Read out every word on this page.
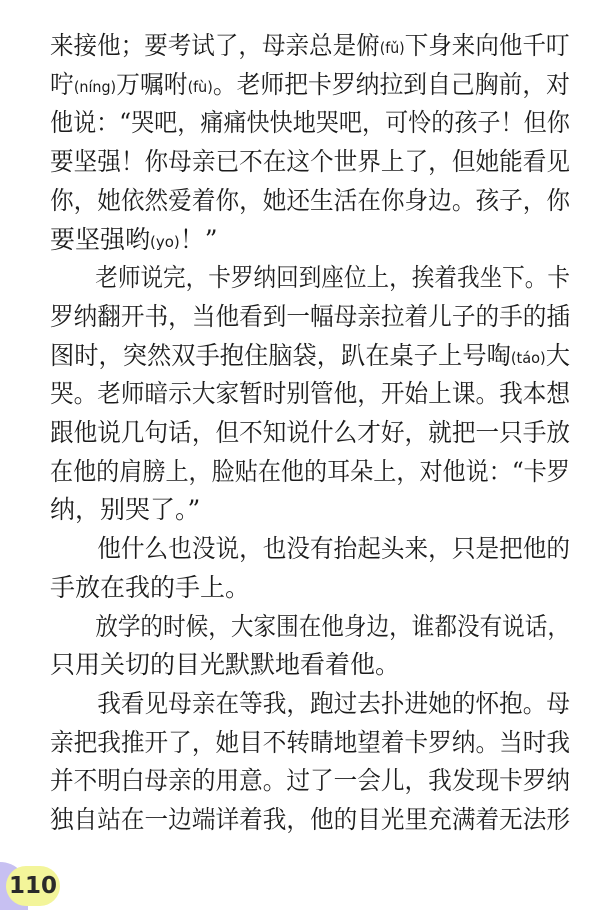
来接他；要考试了，母亲总是俯(fǔ)下身来向他千叮
咛(níng)万嘱咐(fù)。老师把卡罗纳拉到自己胸前，对
他说：“哭吧，痛痛快快地哭吧，可怜的孩子！但你
要坚强！你母亲已不在这个世界上了，但她能看见
你，她依然爱着你，她还生活在你身边。孩子，你
要坚强哟(yo)！”
　　老师说完，卡罗纳回到座位上，挨着我坐下。卡
罗纳翻开书，当他看到一幅母亲拉着儿子的手的插
图时，突然双手抱住脑袋，趴在桌子上号啕(táo)大
哭。老师暗示大家暂时别管他，开始上课。我本想
跟他说几句话，但不知说什么才好，就把一只手放
在他的肩膀上，脸贴在他的耳朵上，对他说：“卡罗
纳，别哭了。”
　　他什么也没说，也没有抬起头来，只是把他的
手放在我的手上。
　　放学的时候，大家围在他身边，谁都没有说话，
只用关切的目光默默地看着他。
　　我看见母亲在等我，跑过去扑进她的怀抱。母
亲把我推开了，她目不转睛地望着卡罗纳。当时我
并不明白母亲的用意。过了一会儿，我发现卡罗纳
独自站在一边端详着我，他的目光里充满着无法形
110
